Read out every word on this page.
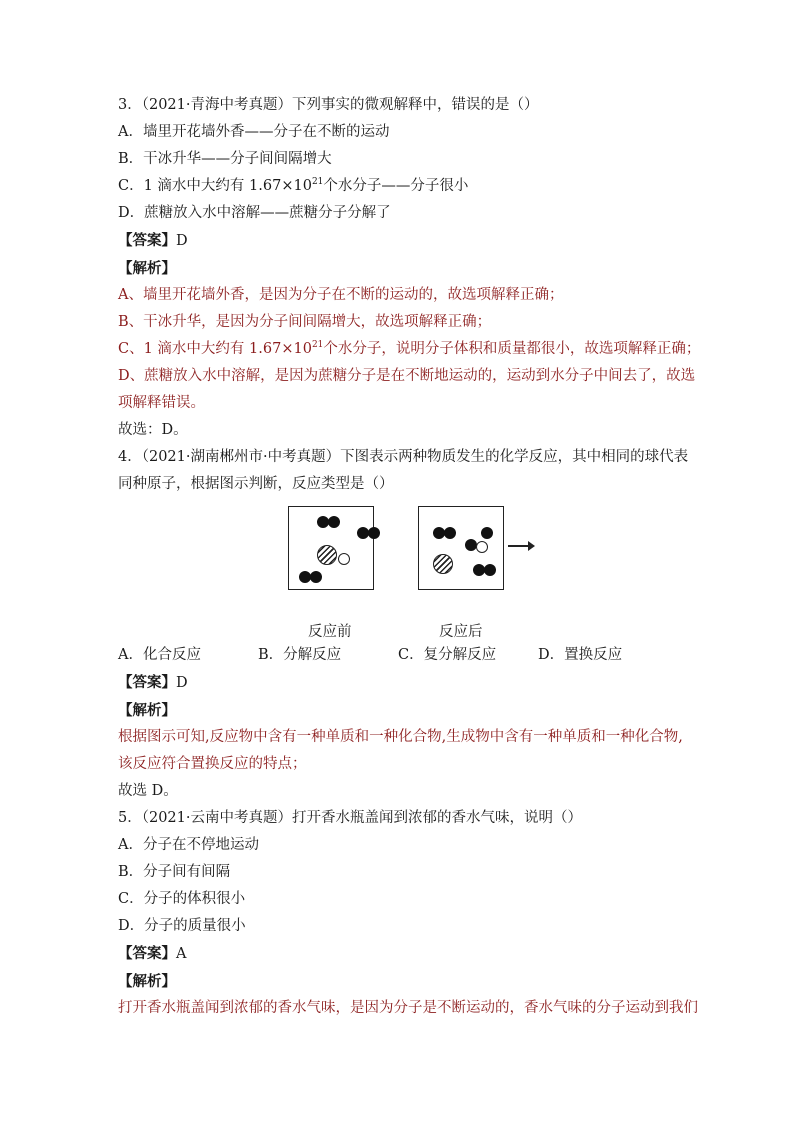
3．（2021·青海中考真题）下列事实的微观解释中，错误的是（）
A．墙里开花墙外香——分子在不断的运动
B．干冰升华——分子间间隔增大
C．1 滴水中大约有 $1.67\times 10^{21}$个水分子——分子很小
D．蔗糖放入水中溶解——蔗糖分子分解了
【答案】D
【解析】
A、墙里开花墙外香，是因为分子在不断的运动的，故选项解释正确；
B、干冰升华，是因为分子间间隔增大，故选项解释正确；
C、1 滴水中大约有 $1.67\times 10^{21}$个水分子，说明分子体积和质量都很小，故选项解释正确；
D、蔗糖放入水中溶解，是因为蔗糖分子是在不断地运动的，运动到水分子中间去了，故选
项解释错误。
故选：D。
4．（2021·湖南郴州市·中考真题）下图表示两种物质发生的化学反应，其中相同的球代表
同种原子，根据图示判断，反应类型是（）
反应前	反应后
A．化合反应	B．分解反应	C．复分解反应	D．置换反应
【答案】D
【解析】
根据图示可知,反应物中含有一种单质和一种化合物,生成物中含有一种单质和一种化合物,
该反应符合置换反应的特点；
故选 D。
5．（2021·云南中考真题）打开香水瓶盖闻到浓郁的香水气味，说明（）
A．分子在不停地运动
B．分子间有间隔
C．分子的体积很小
D．分子的质量很小
【答案】A
【解析】
打开香水瓶盖闻到浓郁的香水气味，是因为分子是不断运动的，香水气味的分子运动到我们
